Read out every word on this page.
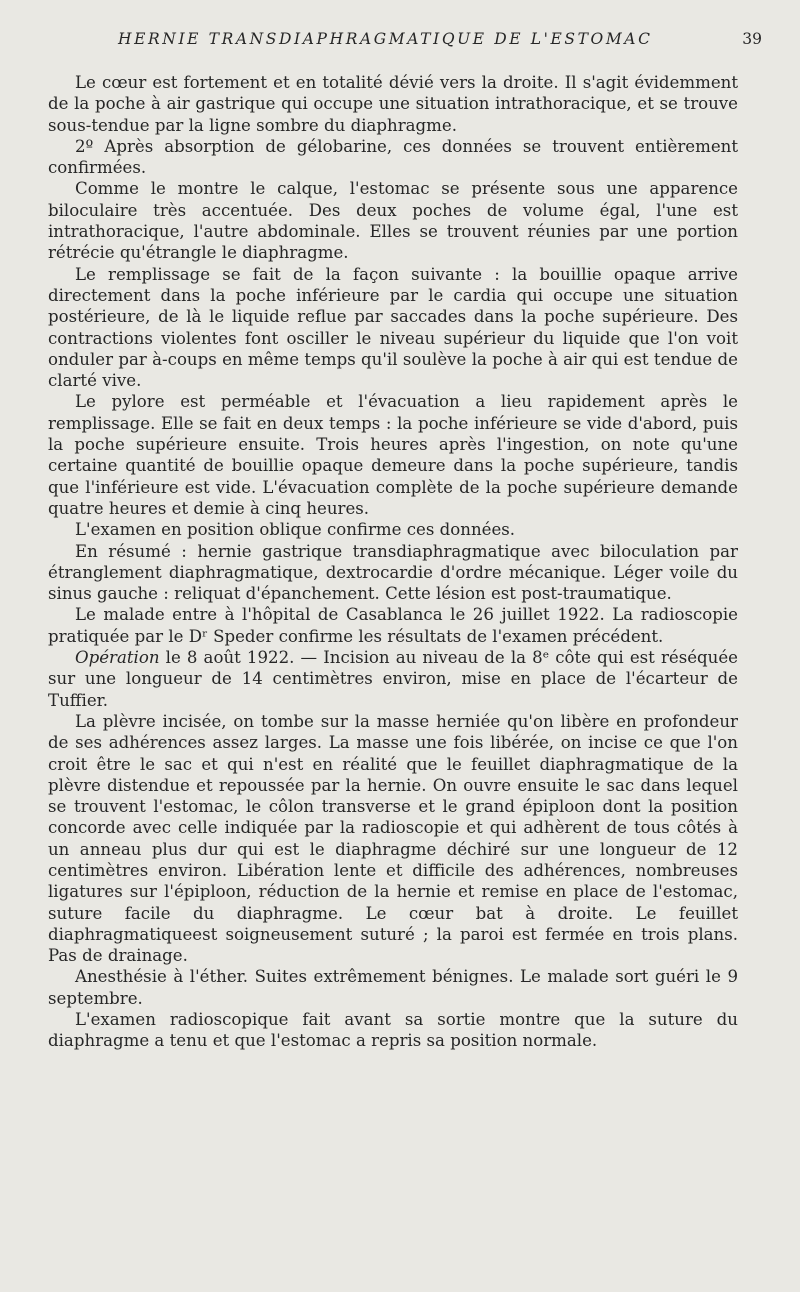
HERNIE TRANSDIAPHRAGMATIQUE DE L'ESTOMAC	39

Le cœur est fortement et en totalité dévié vers la droite. Il s'agit évidemment de la poche à air gastrique qui occupe une situation intrathoracique, et se trouve sous-tendue par la ligne sombre du diaphragme.

2º Après absorption de gélobarine, ces données se trouvent entièrement confirmées.

Comme le montre le calque, l'estomac se présente sous une apparence biloculaire très accentuée. Des deux poches de volume égal, l'une est intrathoracique, l'autre abdominale. Elles se trouvent réunies par une portion rétrécie qu'étrangle le diaphragme.

Le remplissage se fait de la façon suivante : la bouillie opaque arrive directement dans la poche inférieure par le cardia qui occupe une situation postérieure, de là le liquide reflue par saccades dans la poche supérieure. Des contractions violentes font osciller le niveau supérieur du liquide que l'on voit onduler par à-coups en même temps qu'il soulève la poche à air qui est tendue de clarté vive.

Le pylore est perméable et l'évacuation a lieu rapidement après le remplissage. Elle se fait en deux temps : la poche inférieure se vide d'abord, puis la poche supérieure ensuite. Trois heures après l'ingestion, on note qu'une certaine quantité de bouillie opaque demeure dans la poche supérieure, tandis que l'inférieure est vide. L'évacuation complète de la poche supérieure demande quatre heures et demie à cinq heures.

L'examen en position oblique confirme ces données.

En résumé : hernie gastrique transdiaphragmatique avec biloculation par étranglement diaphragmatique, dextrocardie d'ordre mécanique. Léger voile du sinus gauche : reliquat d'épanchement. Cette lésion est post-traumatique.

Le malade entre à l'hôpital de Casablanca le 26 juillet 1922. La radioscopie pratiquée par le Dʳ Speder confirme les résultats de l'examen précédent.

Opération le 8 août 1922. — Incision au niveau de la 8ᵉ côte qui est réséquée sur une longueur de 14 centimètres environ, mise en place de l'écarteur de Tuffier.

La plèvre incisée, on tombe sur la masse herniée qu'on libère en profondeur de ses adhérences assez larges. La masse une fois libérée, on incise ce que l'on croit être le sac et qui n'est en réalité que le feuillet diaphragmatique de la plèvre distendue et repoussée par la hernie. On ouvre ensuite le sac dans lequel se trouvent l'estomac, le côlon transverse et le grand épiploon dont la position concorde avec celle indiquée par la radioscopie et qui adhèrent de tous côtés à un anneau plus dur qui est le diaphragme déchiré sur une longueur de 12 centimètres environ. Libération lente et difficile des adhérences, nombreuses ligatures sur l'épiploon, réduction de la hernie et remise en place de l'estomac, suture facile du diaphragme. Le cœur bat à droite. Le feuillet diaphragmatiqueest soigneusement suturé ; la paroi est fermée en trois plans. Pas de drainage.

Anesthésie à l'éther. Suites extrêmement bénignes. Le malade sort guéri le 9 septembre.

L'examen radioscopique fait avant sa sortie montre que la suture du diaphragme a tenu et que l'estomac a repris sa position normale.
